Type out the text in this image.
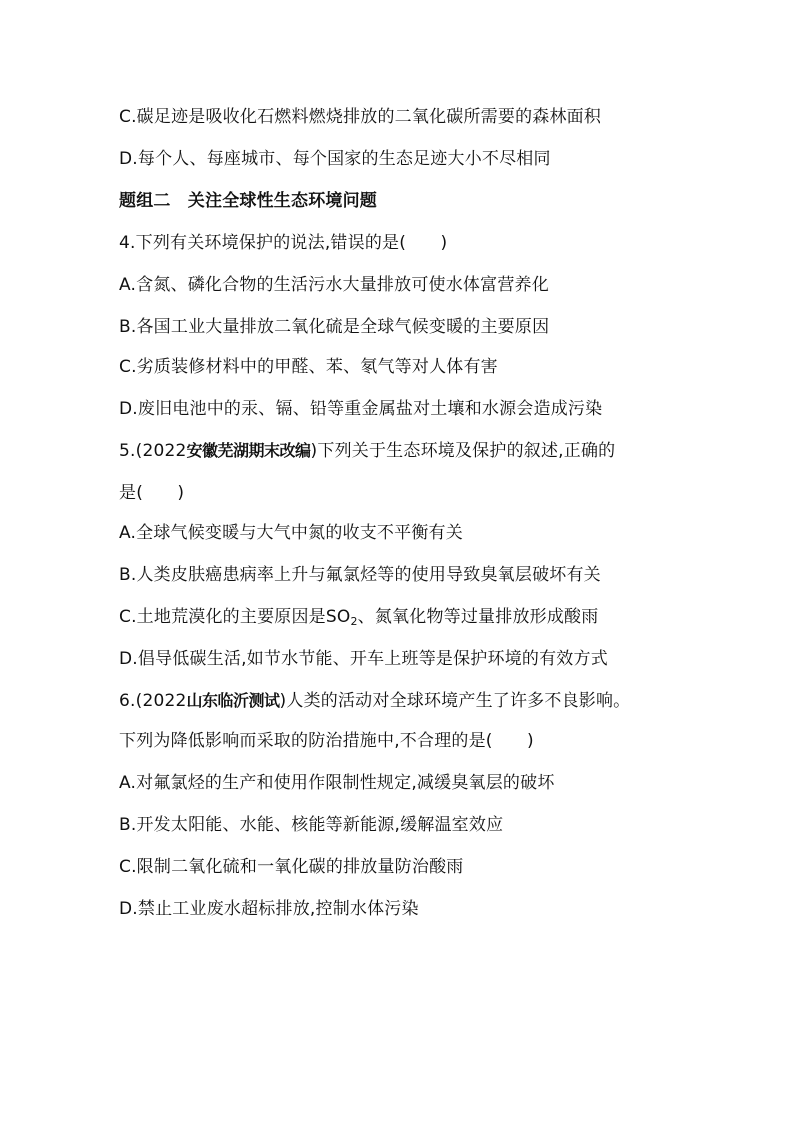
C.碳足迹是吸收化石燃料燃烧排放的二氧化碳所需要的森林面积
D.每个人、每座城市、每个国家的生态足迹大小不尽相同
题组二　关注全球性生态环境问题
4.下列有关环境保护的说法,错误的是(　　)
A.含氮、磷化合物的生活污水大量排放可使水体富营养化
B.各国工业大量排放二氧化硫是全球气候变暖的主要原因
C.劣质装修材料中的甲醛、苯、氡气等对人体有害
D.废旧电池中的汞、镉、铅等重金属盐对土壤和水源会造成污染
5.(2022安徽芜湖期末改编)下列关于生态环境及保护的叙述,正确的
是(　　)
A.全球气候变暖与大气中氮的收支不平衡有关
B.人类皮肤癌患病率上升与氟氯烃等的使用导致臭氧层破坏有关
C.土地荒漠化的主要原因是$SO_2$、氮氧化物等过量排放形成酸雨
D.倡导低碳生活,如节水节能、开车上班等是保护环境的有效方式
6.(2022山东临沂测试)人类的活动对全球环境产生了许多不良影响。
下列为降低影响而采取的防治措施中,不合理的是(　　)
A.对氟氯烃的生产和使用作限制性规定,减缓臭氧层的破坏
B.开发太阳能、水能、核能等新能源,缓解温室效应
C.限制二氧化硫和一氧化碳的排放量防治酸雨
D.禁止工业废水超标排放,控制水体污染
